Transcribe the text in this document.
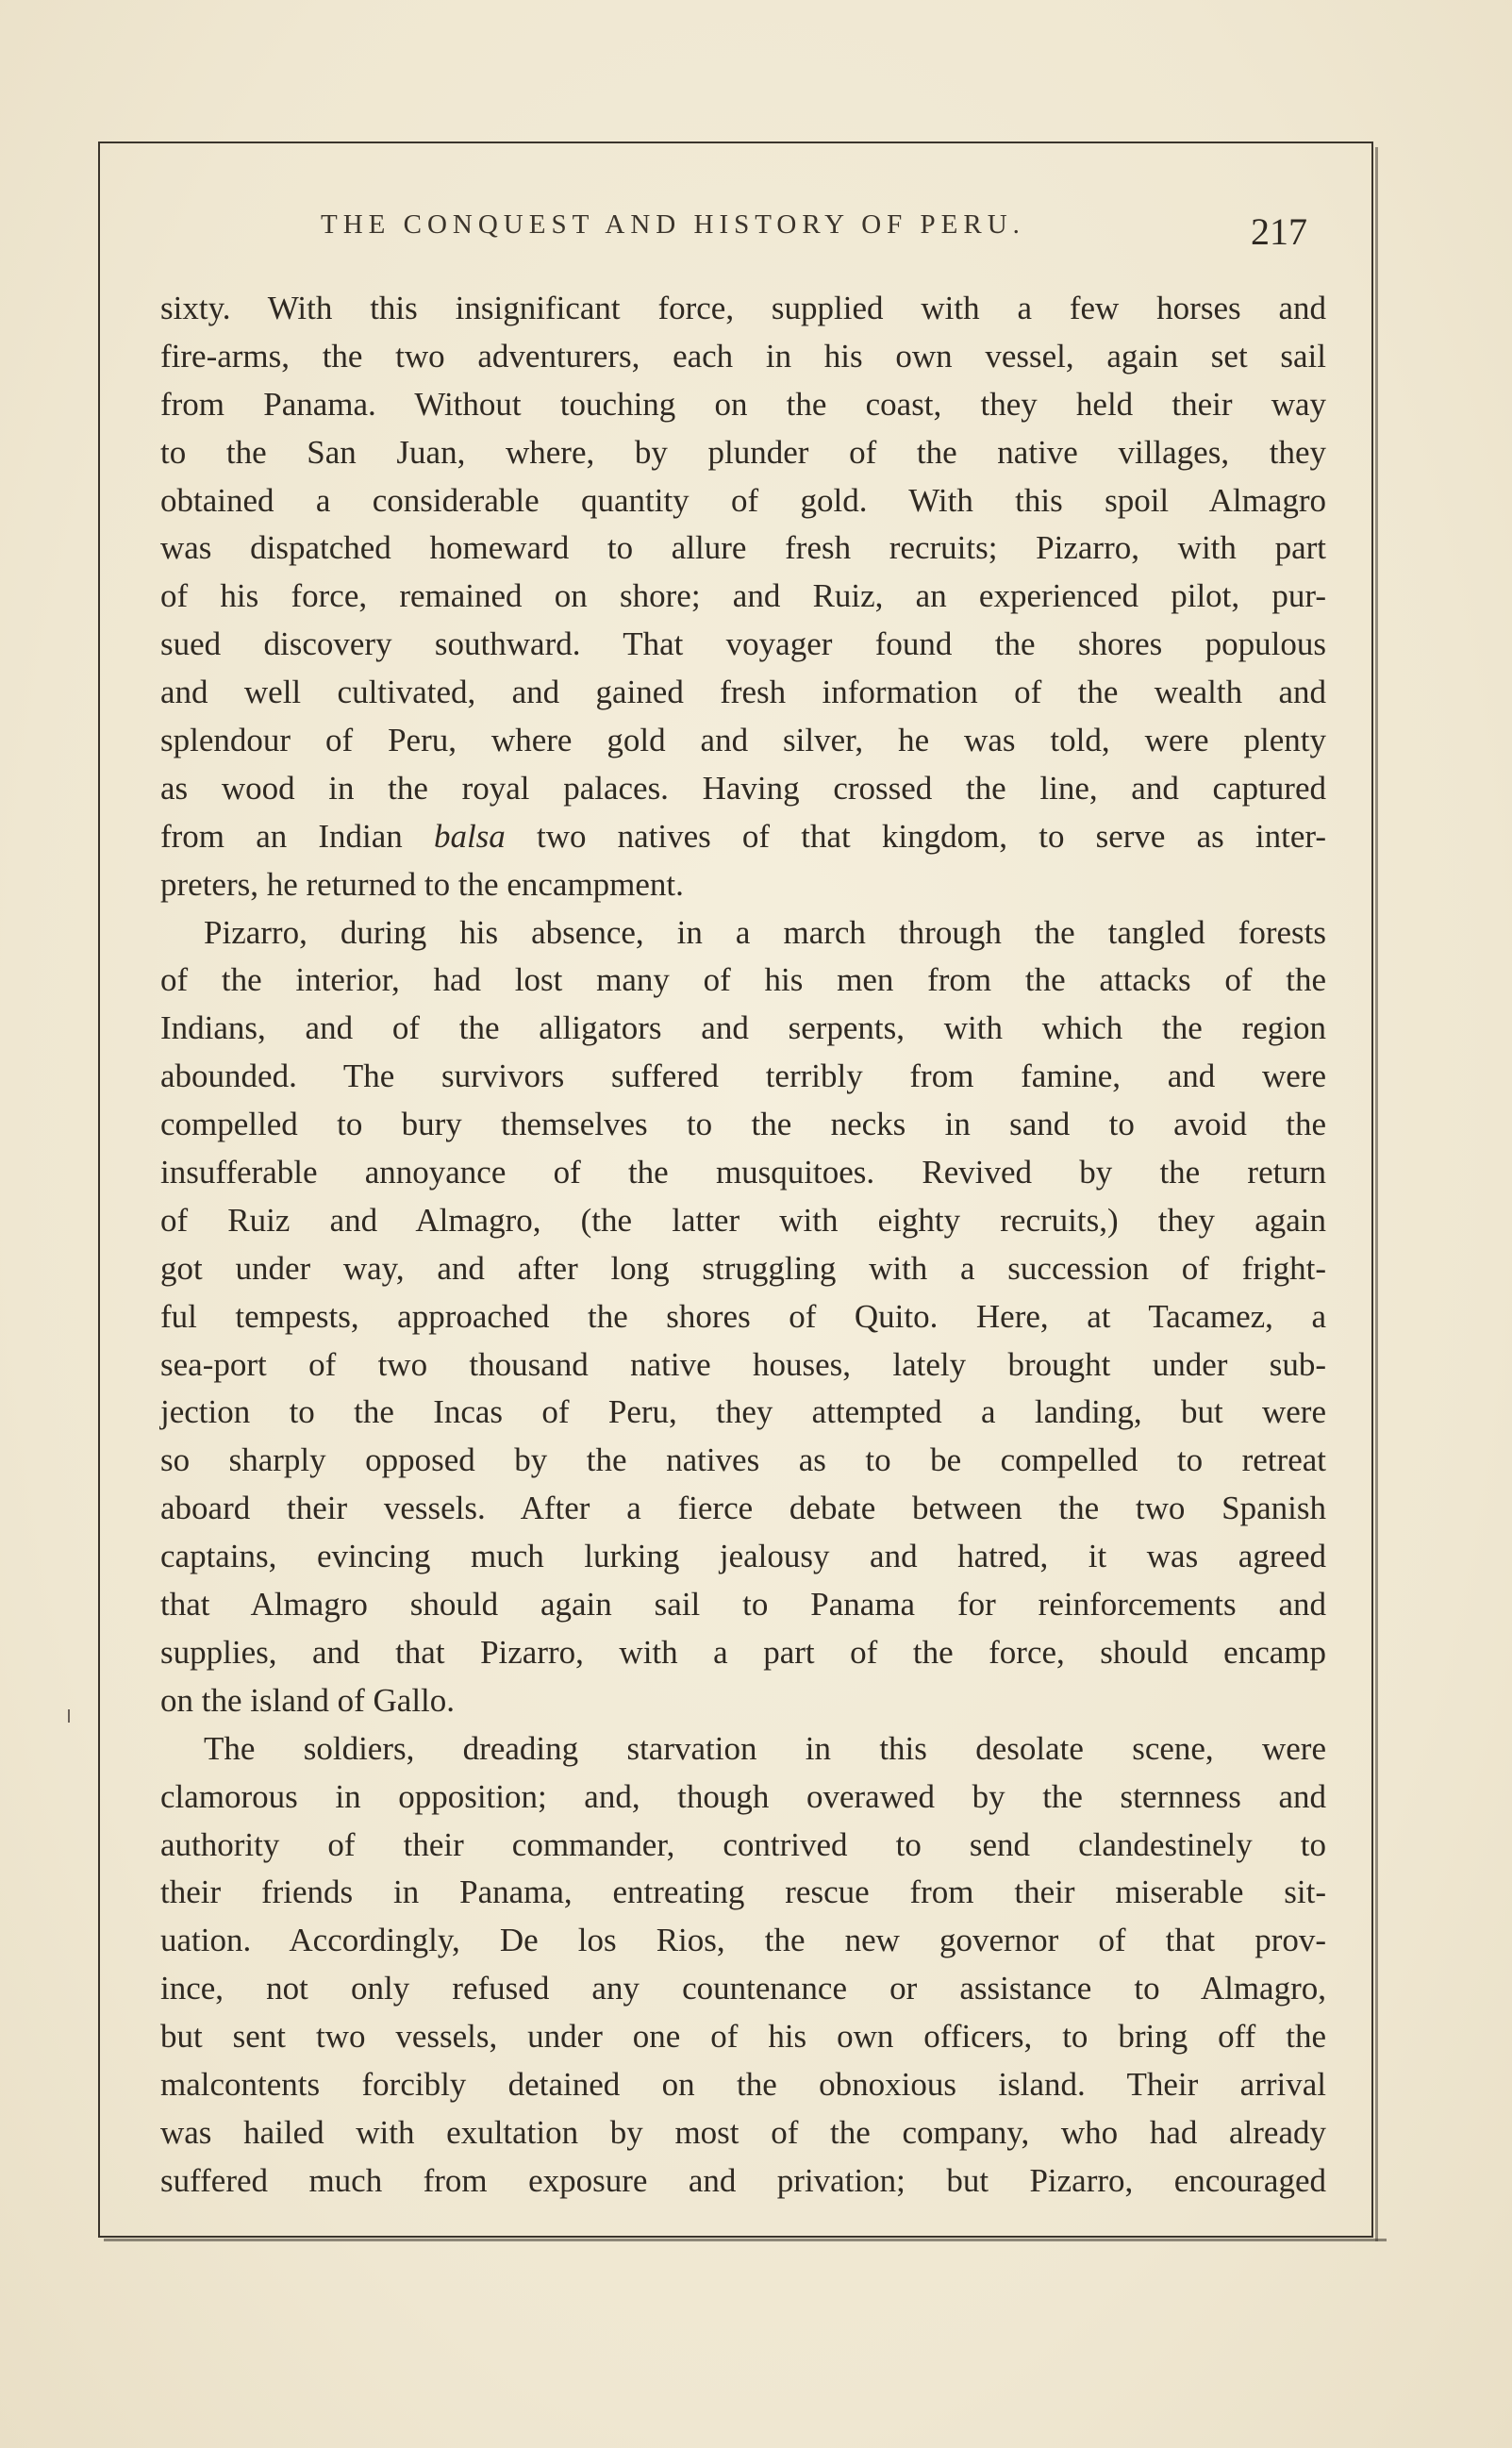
THE CONQUEST AND HISTORY OF PERU.	217
sixty. With this insignificant force, supplied with a few horses and
fire-arms, the two adventurers, each in his own vessel, again set sail
from Panama. Without touching on the coast, they held their way
to the San Juan, where, by plunder of the native villages, they
obtained a considerable quantity of gold. With this spoil Almagro
was dispatched homeward to allure fresh recruits; Pizarro, with part
of his force, remained on shore; and Ruiz, an experienced pilot, pur-
sued discovery southward. That voyager found the shores populous
and well cultivated, and gained fresh information of the wealth and
splendour of Peru, where gold and silver, he was told, were plenty
as wood in the royal palaces. Having crossed the line, and captured
from an Indian balsa two natives of that kingdom, to serve as inter-
preters, he returned to the encampment.
Pizarro, during his absence, in a march through the tangled forests
of the interior, had lost many of his men from the attacks of the
Indians, and of the alligators and serpents, with which the region
abounded. The survivors suffered terribly from famine, and were
compelled to bury themselves to the necks in sand to avoid the
insufferable annoyance of the musquitoes. Revived by the return
of Ruiz and Almagro, (the latter with eighty recruits,) they again
got under way, and after long struggling with a succession of fright-
ful tempests, approached the shores of Quito. Here, at Tacamez, a
sea-port of two thousand native houses, lately brought under sub-
jection to the Incas of Peru, they attempted a landing, but were
so sharply opposed by the natives as to be compelled to retreat
aboard their vessels. After a fierce debate between the two Spanish
captains, evincing much lurking jealousy and hatred, it was agreed
that Almagro should again sail to Panama for reinforcements and
supplies, and that Pizarro, with a part of the force, should encamp
on the island of Gallo.
The soldiers, dreading starvation in this desolate scene, were
clamorous in opposition; and, though overawed by the sternness and
authority of their commander, contrived to send clandestinely to
their friends in Panama, entreating rescue from their miserable sit-
uation. Accordingly, De los Rios, the new governor of that prov-
ince, not only refused any countenance or assistance to Almagro,
but sent two vessels, under one of his own officers, to bring off the
malcontents forcibly detained on the obnoxious island. Their arrival
was hailed with exultation by most of the company, who had already
suffered much from exposure and privation; but Pizarro, encouraged
